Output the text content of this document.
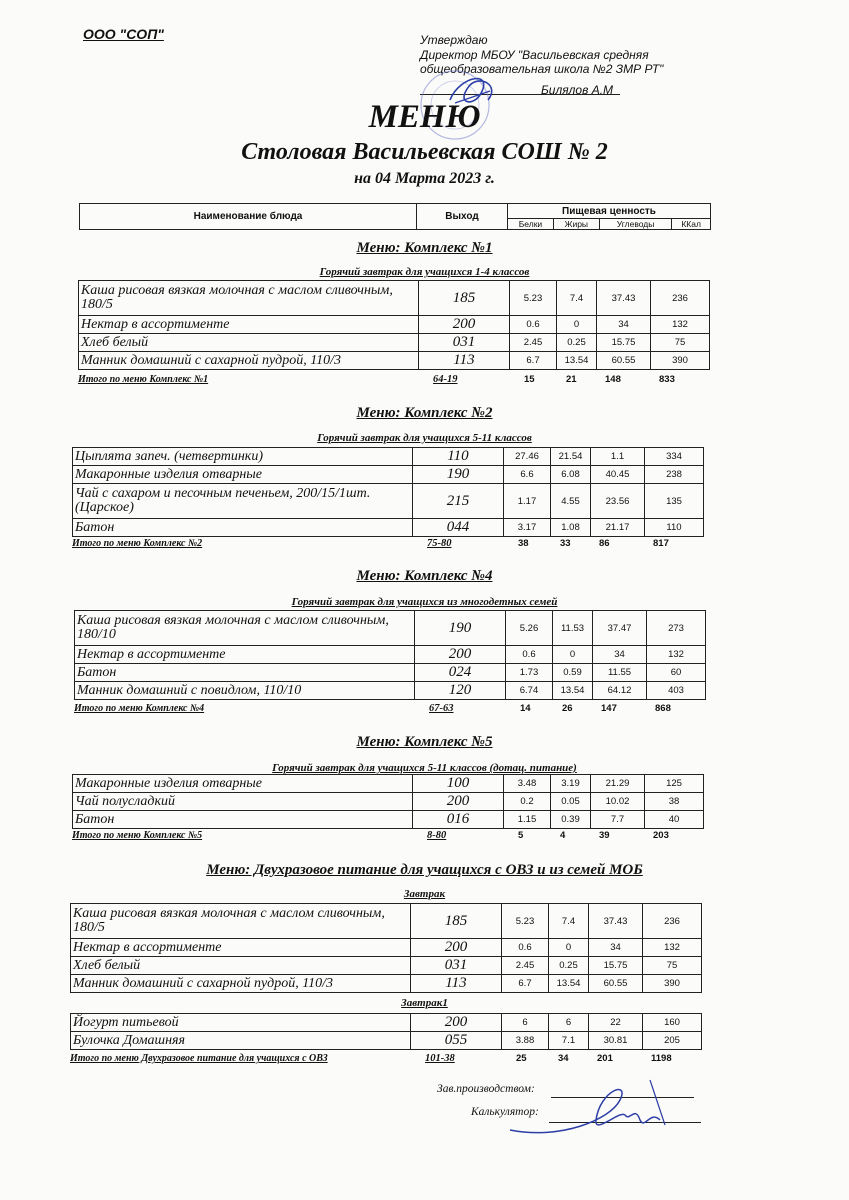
ООО "СОП"	Утверждаю
Директор МБОУ "Васильевская средняя
общеобразовательная школа №2 ЗМР РТ"
Билялов А.М
МЕНЮ
Столовая Васильевская СОШ № 2
на 04 Марта 2023 г.
Наименование блюда	Выход	Пищевая ценность			
		Белки	Жиры	Углеводы	ККал
Меню: Комплекс №1
Горячий завтрак для учащихся 1-4 классов
Каша рисовая вязкая молочная с маслом сливочным, 180/5	185	5.23	7.4	37.43	236
Нектар в ассортименте	200	0.6	0	34	132
Хлеб белый	031	2.45	0.25	15.75	75
Манник домашний с сахарной пудрой, 110/3	113	6.7	13.54	60.55	390
Итого по меню Комплекс №1	64-19	15	21	148	833
Меню: Комплекс №2
Горячий завтрак для учащихся 5-11 классов
Цыплята запеч. (четвертинки)	110	27.46	21.54	1.1	334
Макаронные изделия отварные	190	6.6	6.08	40.45	238
Чай с сахаром и песочным печеньем, 200/15/1шт. (Царское)	215	1.17	4.55	23.56	135
Батон	044	3.17	1.08	21.17	110
Итого по меню Комплекс №2	75-80	38	33	86	817
Меню: Комплекс №4
Горячий завтрак для учащихся из многодетных семей
Каша рисовая вязкая молочная с маслом сливочным, 180/10	190	5.26	11.53	37.47	273
Нектар в ассортименте	200	0.6	0	34	132
Батон	024	1.73	0.59	11.55	60
Манник домашний с повидлом, 110/10	120	6.74	13.54	64.12	403
Итого по меню Комплекс №4	67-63	14	26	147	868
Меню: Комплекс №5
Горячий завтрак для учащихся 5-11 классов (дотац. питание)
Макаронные изделия отварные	100	3.48	3.19	21.29	125
Чай полусладкий	200	0.2	0.05	10.02	38
Батон	016	1.15	0.39	7.7	40
Итого по меню Комплекс №5	8-80	5	4	39	203
Меню: Двухразовое питание для учащихся с ОВЗ и из семей МОБ
Завтрак
Каша рисовая вязкая молочная с маслом сливочным, 180/5	185	5.23	7.4	37.43	236
Нектар в ассортименте	200	0.6	0	34	132
Хлеб белый	031	2.45	0.25	15.75	75
Манник домашний с сахарной пудрой, 110/3	113	6.7	13.54	60.55	390
Завтрак1
Йогурт питьевой	200	6	6	22	160
Булочка Домашняя	055	3.88	7.1	30.81	205
Итого по меню Двухразовое питание для учащихся с ОВЗ	101-38	25	34	201	1198
Зав.производством:
Калькулятор:
